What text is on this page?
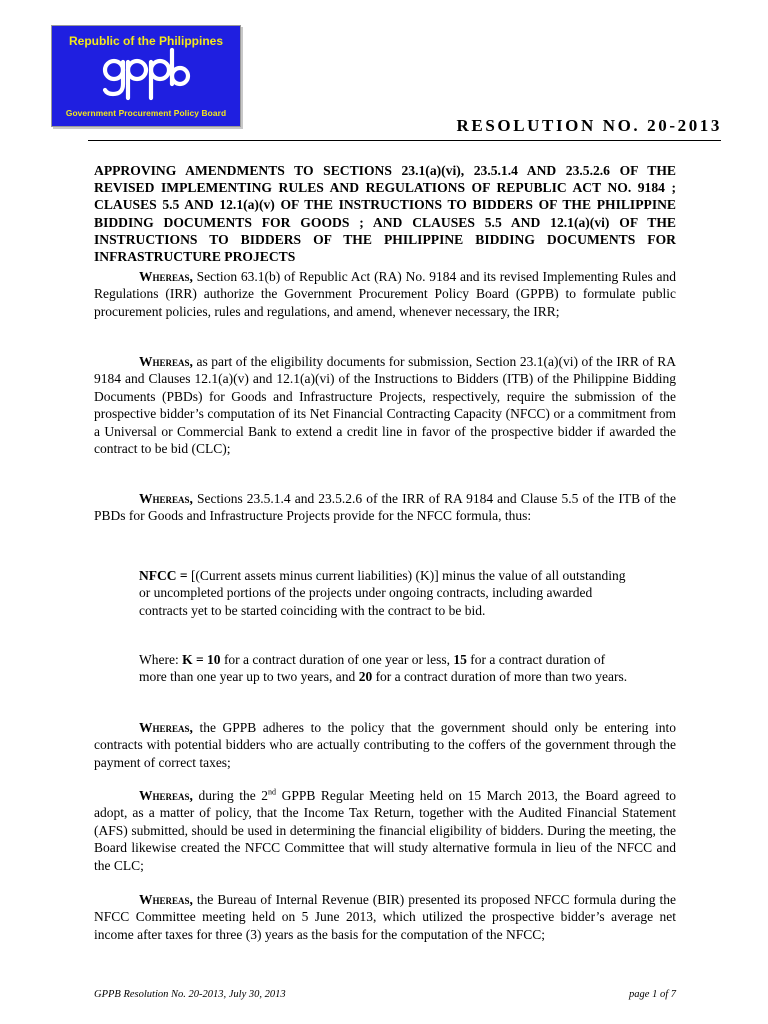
Republic of the Philippines
Government Procurement Policy Board
RESOLUTION NO. 20-2013

APPROVING AMENDMENTS TO SECTIONS 23.1(a)(vi), 23.5.1.4 AND 23.5.2.6 OF THE REVISED IMPLEMENTING RULES AND REGULATIONS OF REPUBLIC ACT NO. 9184 ; CLAUSES 5.5 AND 12.1(a)(v) OF THE INSTRUCTIONS TO BIDDERS OF THE PHILIPPINE BIDDING DOCUMENTS FOR GOODS ; AND CLAUSES 5.5 AND 12.1(a)(vi) OF THE INSTRUCTIONS TO BIDDERS OF THE PHILIPPINE BIDDING DOCUMENTS FOR INFRASTRUCTURE PROJECTS

Whereas, Section 63.1(b) of Republic Act (RA) No. 9184 and its revised Implementing Rules and Regulations (IRR) authorize the Government Procurement Policy Board (GPPB) to formulate public procurement policies, rules and regulations, and amend, whenever necessary, the IRR;

Whereas, as part of the eligibility documents for submission, Section 23.1(a)(vi) of the IRR of RA 9184 and Clauses 12.1(a)(v) and 12.1(a)(vi) of the Instructions to Bidders (ITB) of the Philippine Bidding Documents (PBDs) for Goods and Infrastructure Projects, respectively, require the submission of the prospective bidder’s computation of its Net Financial Contracting Capacity (NFCC) or a commitment from a Universal or Commercial Bank to extend a credit line in favor of the prospective bidder if awarded the contract to be bid (CLC);

Whereas, Sections 23.5.1.4 and 23.5.2.6 of the IRR of RA 9184 and Clause 5.5 of the ITB of the PBDs for Goods and Infrastructure Projects provide for the NFCC formula, thus:

NFCC = [(Current assets minus current liabilities) (K)] minus the value of all outstanding or uncompleted portions of the projects under ongoing contracts, including awarded contracts yet to be started coinciding with the contract to be bid.

Where: K = 10 for a contract duration of one year or less, 15 for a contract duration of more than one year up to two years, and 20 for a contract duration of more than two years.

Whereas, the GPPB adheres to the policy that the government should only be entering into contracts with potential bidders who are actually contributing to the coffers of the government through the payment of correct taxes;

Whereas, during the 2nd GPPB Regular Meeting held on 15 March 2013, the Board agreed to adopt, as a matter of policy, that the Income Tax Return, together with the Audited Financial Statement (AFS) submitted, should be used in determining the financial eligibility of bidders. During the meeting, the Board likewise created the NFCC Committee that will study alternative formula in lieu of the NFCC and the CLC;

Whereas, the Bureau of Internal Revenue (BIR) presented its proposed NFCC formula during the NFCC Committee meeting held on 5 June 2013, which utilized the prospective bidder’s average net income after taxes for three (3) years as the basis for the computation of the NFCC;

GPPB Resolution No. 20-2013, July 30, 2013	page 1 of 7
